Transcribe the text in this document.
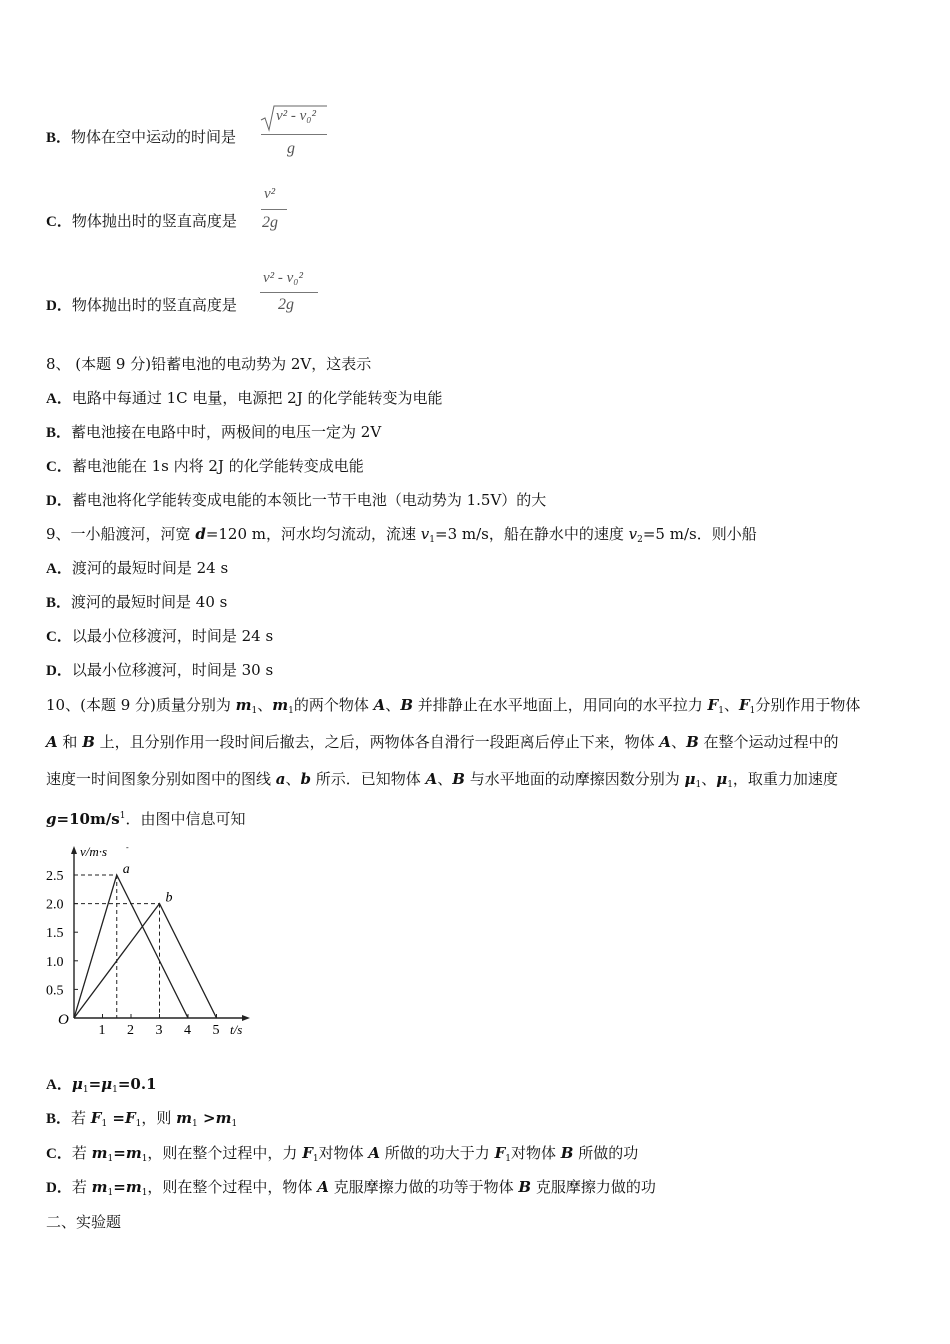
B．物体在空中运动的时间是
v² - v₀²
g
C．物体抛出时的竖直高度是
v²
2g
D．物体抛出时的竖直高度是
v² - v₀²
2g
8、 (本题 9 分)铅蓄电池的电动势为 2V，这表示
A．电路中每通过 1C 电量，电源把 2J 的化学能转变为电能
B．蓄电池接在电路中时，两极间的电压一定为 2V
C．蓄电池能在 1s 内将 2J 的化学能转变成电能
D．蓄电池将化学能转变成电能的本领比一节干电池（电动势为 1.5V）的大
9、一小船渡河，河宽 d=120 m，河水均匀流动，流速 $v_1=3$ m/s，船在静水中的速度 $v_2=5$ m/s．则小船
A．渡河的最短时间是 24 s
B．渡河的最短时间是 40 s
C．以最小位移渡河，时间是 24 s
D．以最小位移渡河，时间是 30 s
10、(本题 9 分)质量分别为 $m_1$、$m_1$的两个物体 A、B 并排静止在水平地面上，用同向的水平拉力 $F_1$、$F_1$分别作用于物体
A 和 B 上，且分别作用一段时间后撤去，之后，两物体各自滑行一段距离后停止下来，物体 A、B 在整个运动过程中的
速度一时间图象分别如图中的图线 a、b 所示．已知物体 A、B 与水平地面的动摩擦因数分别为 $\mu_1$、$\mu_1$，取重力加速度
$g=10m/s^1$．由图中信息可知
v/m·s -
t/s
O
0.5
1.0
1.5
2.0
2.5
1 2 3 4 5
a
b
A．$\mu_1=\mu_1=0.1$
B．若 $F_1 =F_1$，则 $m_1 >m_1$
C．若 $m_1=m_1$，则在整个过程中，力 $F_1$对物体 A 所做的功大于力 $F_1$对物体 B 所做的功
D．若 $m_1=m_1$，则在整个过程中，物体 A 克服摩擦力做的功等于物体 B 克服摩擦力做的功
二、实验题
